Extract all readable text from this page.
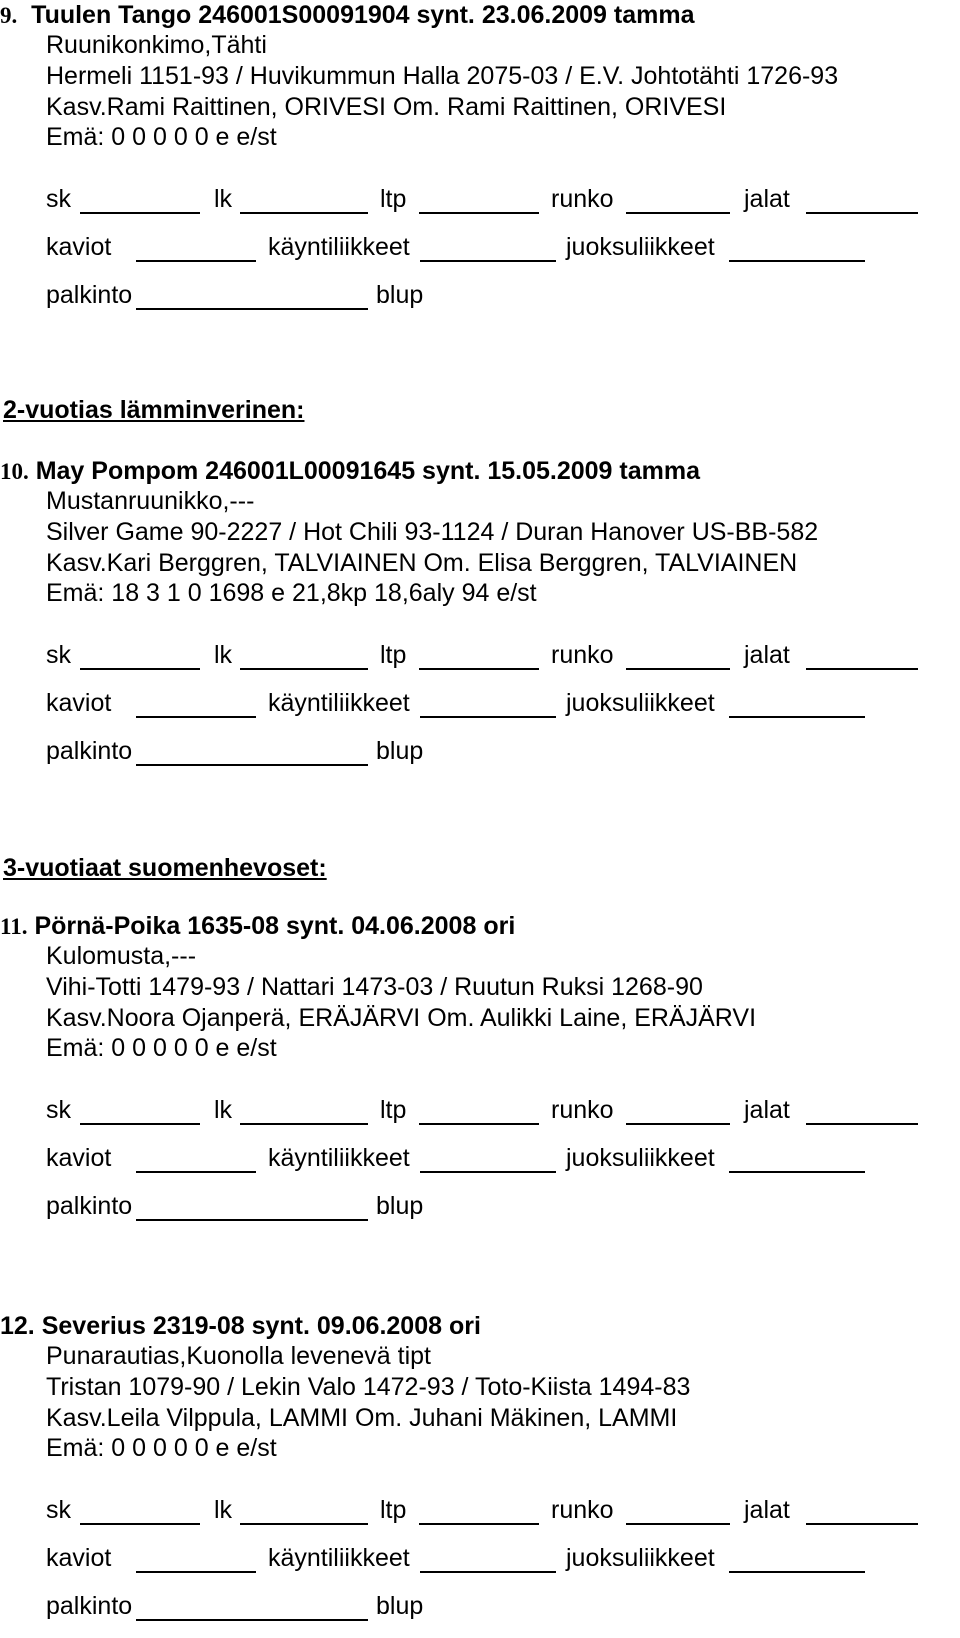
9. Tuulen Tango 246001S00091904 synt. 23.06.2009 tamma
Ruunikonkimo,Tähti
Hermeli 1151-93 / Huvikummun Halla 2075-03 / E.V. Johtotähti 1726-93
Kasv.Rami Raittinen, ORIVESI Om. Rami Raittinen, ORIVESI
Emä: 0 0 0 0 0 e e/st
sk	lk	ltp	runko	jalat
kaviot	käyntiliikkeet	juoksuliikkeet
palkinto	blup
2-vuotias lämminverinen:
10. May Pompom 246001L00091645 synt. 15.05.2009 tamma
Mustanruunikko,---
Silver Game 90-2227 / Hot Chili 93-1124 / Duran Hanover US-BB-582
Kasv.Kari Berggren, TALVIAINEN Om. Elisa Berggren, TALVIAINEN
Emä: 18 3 1 0 1698 e 21,8kp 18,6aly 94 e/st
sk	lk	ltp	runko	jalat
kaviot	käyntiliikkeet	juoksuliikkeet
palkinto	blup
3-vuotiaat suomenhevoset:
11. Pörnä-Poika 1635-08 synt. 04.06.2008 ori
Kulomusta,---
Vihi-Totti 1479-93 / Nattari 1473-03 / Ruutun Ruksi 1268-90
Kasv.Noora Ojanperä, ERÄJÄRVI Om. Aulikki Laine, ERÄJÄRVI
Emä: 0 0 0 0 0 e e/st
sk	lk	ltp	runko	jalat
kaviot	käyntiliikkeet	juoksuliikkeet
palkinto	blup
12. Severius 2319-08 synt. 09.06.2008 ori
Punarautias,Kuonolla levenevä tipt
Tristan 1079-90 / Lekin Valo 1472-93 / Toto-Kiista 1494-83
Kasv.Leila Vilppula, LAMMI Om. Juhani Mäkinen, LAMMI
Emä: 0 0 0 0 0 e e/st
sk	lk	ltp	runko	jalat
kaviot	käyntiliikkeet	juoksuliikkeet
palkinto	blup
